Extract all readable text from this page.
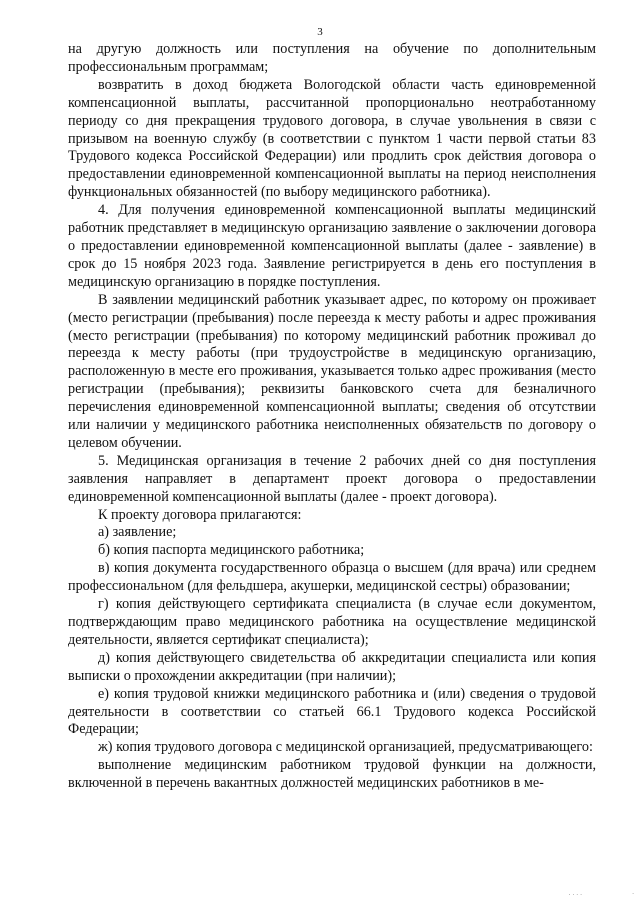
3

на другую должность или поступления на обучение по дополнительным профессиональным программам;

возвратить в доход бюджета Вологодской области часть единовременной компенсационной выплаты, рассчитанной пропорционально неотработанному периоду со дня прекращения трудового договора, в случае увольнения в связи с призывом на военную службу (в соответствии с пунктом 1 части первой статьи 83 Трудового кодекса Российской Федерации) или продлить срок действия договора о предоставлении единовременной компенсационной выплаты на период неисполнения функциональных обязанностей (по выбору медицинского работника).

4. Для получения единовременной компенсационной выплаты медицинский работник представляет в медицинскую организацию заявление о заключении договора о предоставлении единовременной компенсационной выплаты (далее - заявление) в срок до 15 ноября 2023 года. Заявление регистрируется в день его поступления в медицинскую организацию в порядке поступления.

В заявлении медицинский работник указывает адрес, по которому он проживает (место регистрации (пребывания) после переезда к месту работы и адрес проживания (место регистрации (пребывания) по которому медицинский работник проживал до переезда к месту работы (при трудоустройстве в медицинскую организацию, расположенную в месте его проживания, указывается только адрес проживания (место регистрации (пребывания); реквизиты банковского счета для безналичного перечисления единовременной компенсационной выплаты; сведения об отсутствии или наличии у медицинского работника неисполненных обязательств по договору о целевом обучении.

5. Медицинская организация в течение 2 рабочих дней со дня поступления заявления направляет в департамент проект договора о предоставлении единовременной компенсационной выплаты (далее - проект договора).

К проекту договора прилагаются:

а) заявление;

б) копия паспорта медицинского работника;

в) копия документа государственного образца о высшем (для врача) или среднем профессиональном (для фельдшера, акушерки, медицинской сестры) образовании;

г) копия действующего сертификата специалиста (в случае если документом, подтверждающим право медицинского работника на осуществление медицинской деятельности, является сертификат специалиста);

д) копия действующего свидетельства об аккредитации специалиста или копия выписки о прохождении аккредитации (при наличии);

е) копия трудовой книжки медицинского работника и (или) сведения о трудовой деятельности в соответствии со статьей 66.1 Трудового кодекса Российской Федерации;

ж) копия трудового договора с медицинской организацией, предусматривающего:

выполнение медицинским работником трудовой функции на должности, включенной в перечень вакантных должностей медицинских работников в ме-

· · · ·	·
